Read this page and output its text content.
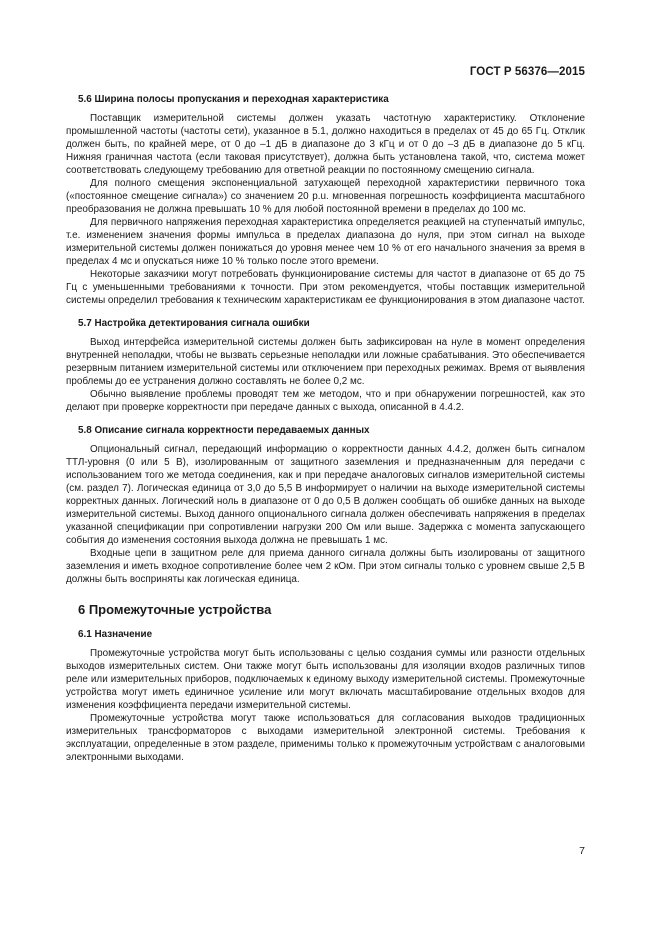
ГОСТ Р 56376—2015
5.6 Ширина полосы пропускания и переходная характеристика

Поставщик измерительной системы должен указать частотную характеристику. Отклонение промышленной частоты (частоты сети), указанное в 5.1, должно находиться в пределах от 45 до 65 Гц. Отклик должен быть, по крайней мере, от 0 до –1 дБ в диапазоне до 3 кГц и от 0 до –3 дБ в диапазоне до 5 кГц. Нижняя граничная частота (если таковая присутствует), должна быть установлена такой, что, система может соответствовать следующему требованию для ответной реакции по постоянному смещению сигнала.

Для полного смещения экспоненциальной затухающей переходной характеристики первичного тока («постоянное смещение сигнала») со значением 20 p.u. мгновенная погрешность коэффициента масштабного преобразования не должна превышать 10 % для любой постоянной времени в пределах до 100 мс.

Для первичного напряжения переходная характеристика определяется реакцией на ступенчатый импульс, т.е. изменением значения формы импульса в пределах диапазона до нуля, при этом сигнал на выходе измерительной системы должен понижаться до уровня менее чем 10 % от его начального значения за время в пределах 4 мс и опускаться ниже 10 % только после этого времени.

Некоторые заказчики могут потребовать функционирование системы для частот в диапазоне от 65 до 75 Гц с уменьшенными требованиями к точности. При этом рекомендуется, чтобы поставщик измерительной системы определил требования к техническим характеристикам ее функционирования в этом диапазоне частот.

5.7 Настройка детектирования сигнала ошибки

Выход интерфейса измерительной системы должен быть зафиксирован на нуле в момент определения внутренней неполадки, чтобы не вызвать серьезные неполадки или ложные срабатывания. Это обеспечивается резервным питанием измерительной системы или отключением при переходных режимах. Время от выявления проблемы до ее устранения должно составлять не более 0,2 мс.

Обычно выявление проблемы проводят тем же методом, что и при обнаружении погрешностей, как это делают при проверке корректности при передаче данных с выхода, описанной в 4.4.2.

5.8 Описание сигнала корректности передаваемых данных

Опциональный сигнал, передающий информацию о корректности данных 4.4.2, должен быть сигналом ТТЛ-уровня (0 или 5 В), изолированным от защитного заземления и предназначенным для передачи с использованием того же метода соединения, как и при передаче аналоговых сигналов измерительной системы (см. раздел 7). Логическая единица от 3,0 до 5,5 В информирует о наличии на выходе измерительной системы корректных данных. Логический ноль в диапазоне от 0 до 0,5 В должен сообщать об ошибке данных на выходе измерительной системы. Выход данного опционального сигнала должен обеспечивать напряжения в пределах указанной спецификации при сопротивлении нагрузки 200 Ом или выше. Задержка с момента запускающего события до изменения состояния выхода должна не превышать 1 мс.

Входные цепи в защитном реле для приема данного сигнала должны быть изолированы от защитного заземления и иметь входное сопротивление более чем 2 кОм. При этом сигналы только с уровнем свыше 2,5 В должны быть восприняты как логическая единица.

6 Промежуточные устройства
6.1 Назначение

Промежуточные устройства могут быть использованы с целью создания суммы или разности отдельных выходов измерительных систем. Они также могут быть использованы для изоляции входов различных типов реле или измерительных приборов, подключаемых к единому выходу измерительной системы. Промежуточные устройства могут иметь единичное усиление или могут включать масштабирование отдельных входов для изменения коэффициента передачи измерительной системы.

Промежуточные устройства могут также использоваться для согласования выходов традиционных измерительных трансформаторов с выходами измерительной электронной системы. Требования к эксплуатации, определенные в этом разделе, применимы только к промежуточным устройствам с аналоговыми электронными выходами.

7
